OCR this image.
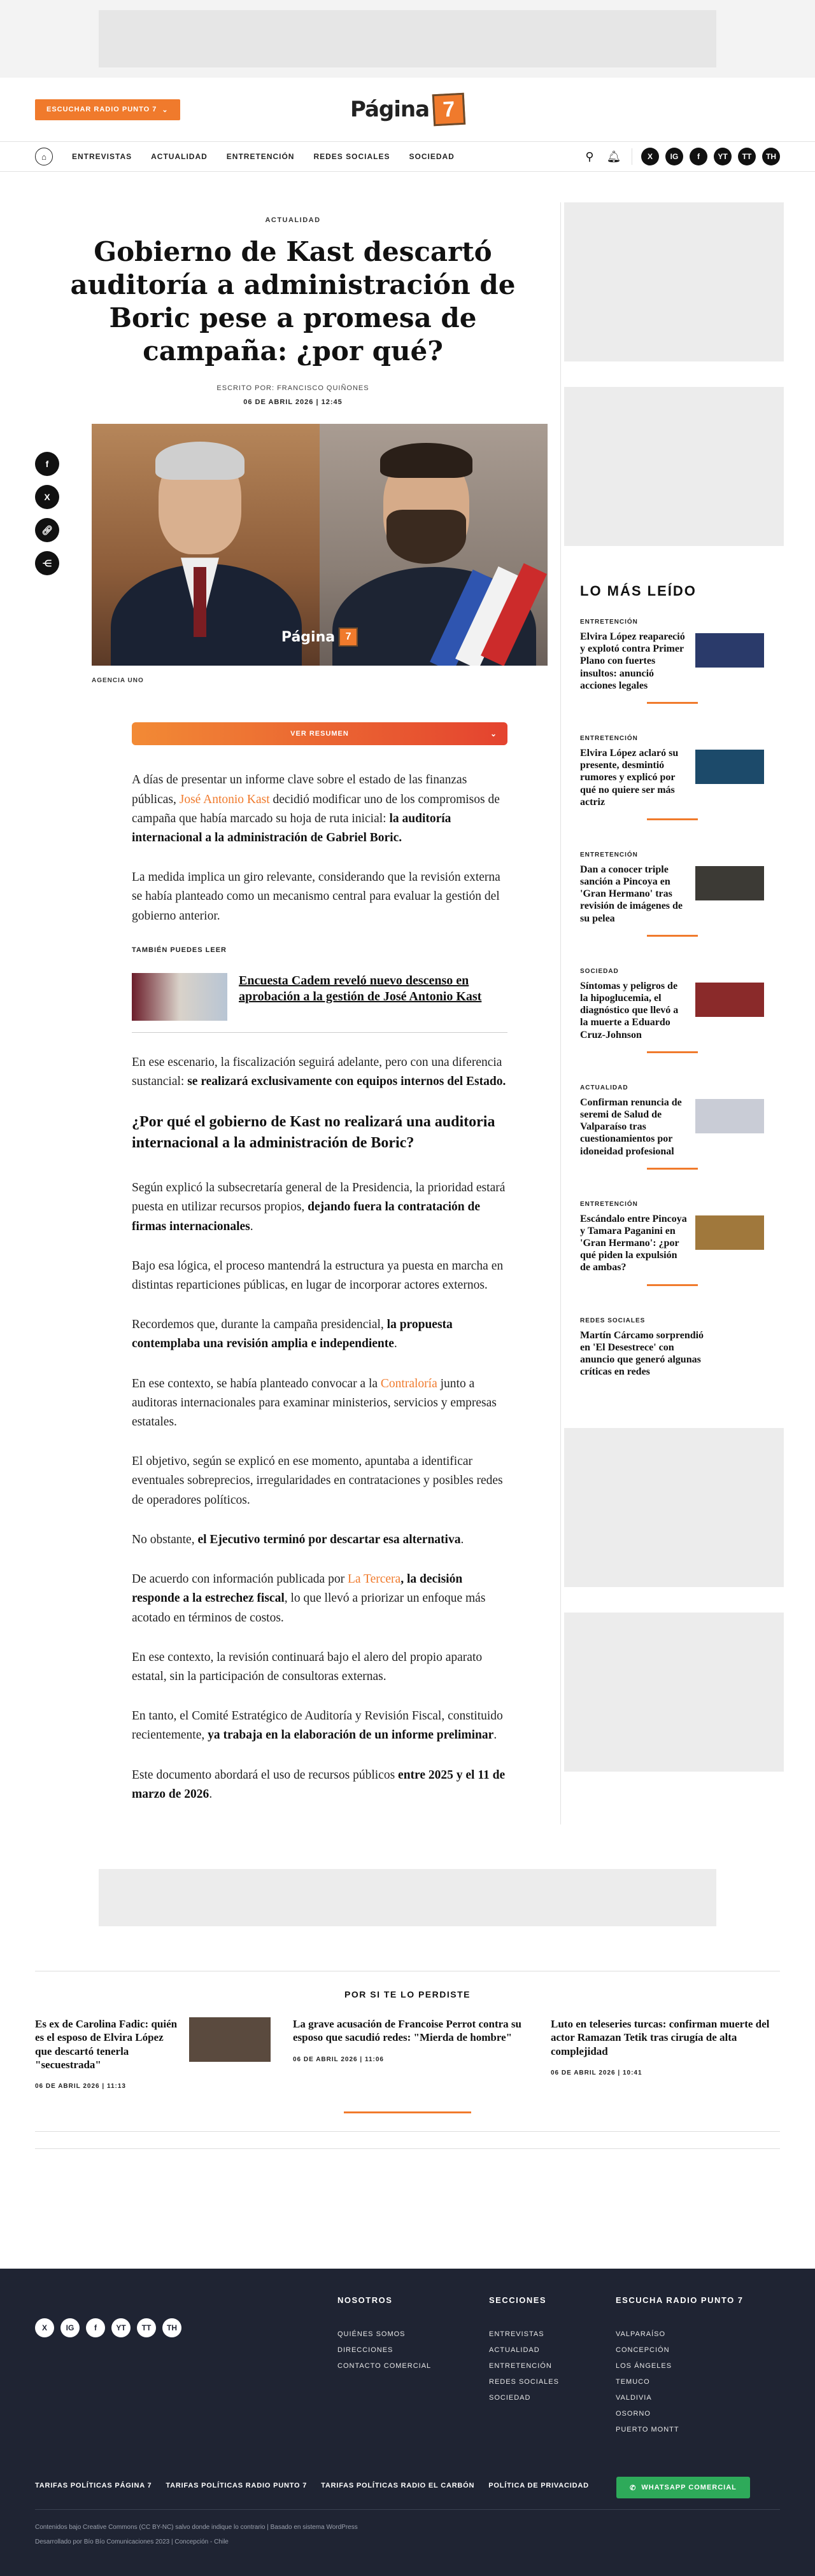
ESCUCHAR RADIO PUNTO 7 ⌄	Página 7
⌂	ENTREVISTAS	ACTUALIDAD	ENTRETENCIÓN	REDES SOCIALES	SOCIEDAD	⚲	🔔︎	X	IG	f	YT	TT	TH
ACTUALIDAD
Gobierno de Kast descartó auditoría a administración de Boric pese a promesa de campaña: ¿por qué?
ESCRITO POR: FRANCISCO QUIÑONES
06 DE ABRIL 2026 | 12:45
f
X
🔗︎
⋲
Página	7
AGENCIA UNO
VER RESUMEN	⌄

A días de presentar un informe clave sobre el estado de las finanzas públicas, José Antonio Kast decidió modificar uno de los compromisos de campaña que había marcado su hoja de ruta inicial: la auditoría internacional a la administración de Gabriel Boric.

La medida implica un giro relevante, considerando que la revisión externa se había planteado como un mecanismo central para evaluar la gestión del gobierno anterior.

TAMBIÉN PUEDES LEER
Encuesta Cadem reveló nuevo descenso en aprobación a la gestión de José Antonio Kast

En ese escenario, la fiscalización seguirá adelante, pero con una diferencia sustancial: se realizará exclusivamente con equipos internos del Estado.

¿Por qué el gobierno de Kast no realizará una auditoria internacional a la administración de Boric?

Según explicó la subsecretaría general de la Presidencia, la prioridad estará puesta en utilizar recursos propios, dejando fuera la contratación de firmas internacionales.

Bajo esa lógica, el proceso mantendrá la estructura ya puesta en marcha en distintas reparticiones públicas, en lugar de incorporar actores externos.

Recordemos que, durante la campaña presidencial, la propuesta contemplaba una revisión amplia e independiente.

En ese contexto, se había planteado convocar a la Contraloría junto a auditoras internacionales para examinar ministerios, servicios y empresas estatales.

El objetivo, según se explicó en ese momento, apuntaba a identificar eventuales sobreprecios, irregularidades en contrataciones y posibles redes de operadores políticos.

No obstante, el Ejecutivo terminó por descartar esa alternativa.

De acuerdo con información publicada por La Tercera, la decisión responde a la estrechez fiscal, lo que llevó a priorizar un enfoque más acotado en términos de costos.

En ese contexto, la revisión continuará bajo el alero del propio aparato estatal, sin la participación de consultoras externas.

En tanto, el Comité Estratégico de Auditoría y Revisión Fiscal, constituido recientemente, ya trabaja en la elaboración de un informe preliminar.

Este documento abordará el uso de recursos públicos entre 2025 y el 11 de marzo de 2026.

LO MÁS LEÍDO
ENTRETENCIÓN
Elvira López reapareció y explotó contra Primer Plano con fuertes insultos: anunció acciones legales
ENTRETENCIÓN
Elvira López aclaró su presente, desmintió rumores y explicó por qué no quiere ser más actriz
ENTRETENCIÓN
Dan a conocer triple sanción a Pincoya en 'Gran Hermano' tras revisión de imágenes de su pelea
SOCIEDAD
Síntomas y peligros de la hipoglucemia, el diagnóstico que llevó a la muerte a Eduardo Cruz-Johnson
ACTUALIDAD
Confirman renuncia de seremi de Salud de Valparaíso tras cuestionamientos por idoneidad profesional
ENTRETENCIÓN
Escándalo entre Pincoya y Tamara Paganini en 'Gran Hermano': ¿por qué piden la expulsión de ambas?
REDES SOCIALES
Martín Cárcamo sorprendió en 'El Desestrece' con anuncio que generó algunas críticas en redes
POR SI TE LO PERDISTE
Es ex de Carolina Fadic: quién es el esposo de Elvira López que descartó tenerla "secuestrada"
06 DE ABRIL 2026 | 11:13
La grave acusación de Francoise Perrot contra su esposo que sacudió redes: "Mierda de hombre"
06 DE ABRIL 2026 | 11:06
Luto en teleseries turcas: confirman muerte del actor Ramazan Tetik tras cirugía de alta complejidad
06 DE ABRIL 2026 | 10:41
X	IG	f	YT	TT	TH
NOSOTROS
QUIÉNES SOMOS
DIRECCIONES
CONTACTO COMERCIAL
SECCIONES
ENTREVISTAS
ACTUALIDAD
ENTRETENCIÓN
REDES SOCIALES
SOCIEDAD
ESCUCHA RADIO PUNTO 7
VALPARAÍSO
CONCEPCIÓN
LOS ÁNGELES
TEMUCO
VALDIVIA
OSORNO
PUERTO MONTT
TARIFAS POLÍTICAS PÁGINA 7 TARIFAS POLÍTICAS RADIO PUNTO 7 TARIFAS POLÍTICAS RADIO EL CARBÓN POLÍTICA DE PRIVACIDAD	✆ WHATSAPP COMERCIAL
Contenidos bajo Creative Commons (CC BY-NC) salvo donde indique lo contrario | Basado en sistema WordPress
Desarrollado por Bío Bío Comunicaciones 2023 | Concepción - Chile
